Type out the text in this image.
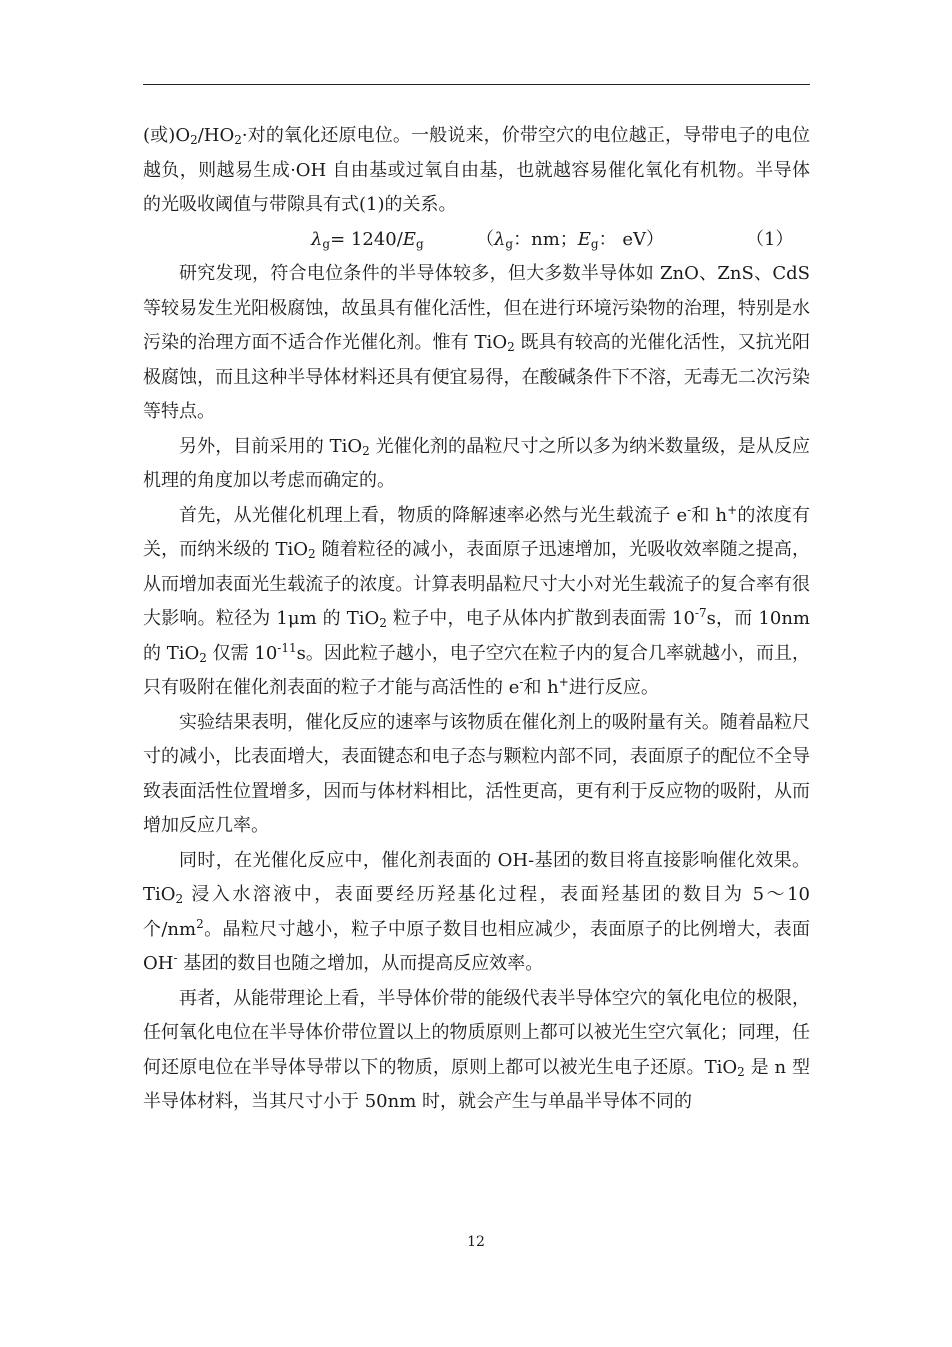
(或)$O_2/HO_2\cdot$对的氧化还原电位。一般说来，价带空穴的电位越正，导带电子的电位越负，则越易生成·OH 自由基或过氧自由基，也就越容易催化氧化有机物。半导体的光吸收阈值与带隙具有式(1)的关系。

$\lambda_g= 1240/E_g$	（$\lambda_g$：nm；$E_g$： eV）	（1）

研究发现，符合电位条件的半导体较多，但大多数半导体如 ZnO、ZnS、CdS 等较易发生光阳极腐蚀，故虽具有催化活性，但在进行环境污染物的治理，特别是水污染的治理方面不适合作光催化剂。惟有 TiO$_2$ 既具有较高的光催化活性，又抗光阳极腐蚀，而且这种半导体材料还具有便宜易得，在酸碱条件下不溶，无毒无二次污染等特点。

另外，目前采用的 TiO$_2$ 光催化剂的晶粒尺寸之所以多为纳米数量级，是从反应机理的角度加以考虑而确定的。

首先，从光催化机理上看，物质的降解速率必然与光生载流子 e-和 h+的浓度有关，而纳米级的 TiO$_2$ 随着粒径的减小，表面原子迅速增加，光吸收效率随之提高，从而增加表面光生载流子的浓度。计算表明晶粒尺寸大小对光生载流子的复合率有很大影响。粒径为 1μm 的 TiO$_2$ 粒子中，电子从体内扩散到表面需 $10^{-7}s$，而 10nm 的 TiO$_2$ 仅需 $10^{-11}s$。因此粒子越小，电子空穴在粒子内的复合几率就越小，而且，只有吸附在催化剂表面的粒子才能与高活性的 e-和 h+进行反应。

实验结果表明，催化反应的速率与该物质在催化剂上的吸附量有关。随着晶粒尺寸的减小，比表面增大，表面键态和电子态与颗粒内部不同，表面原子的配位不全导致表面活性位置增多，因而与体材料相比，活性更高，更有利于反应物的吸附，从而增加反应几率。

同时，在光催化反应中，催化剂表面的 OH-基团的数目将直接影响催化效果。TiO$_2$ 浸入水溶液中，表面要经历羟基化过程，表面羟基团的数目为 5～10 个$/nm^2$。晶粒尺寸越小，粒子中原子数目也相应减少，表面原子的比例增大，表面 OH- 基团的数目也随之增加，从而提高反应效率。

再者，从能带理论上看，半导体价带的能级代表半导体空穴的氧化电位的极限，任何氧化电位在半导体价带位置以上的物质原则上都可以被光生空穴氧化；同理，任何还原电位在半导体导带以下的物质，原则上都可以被光生电子还原。TiO$_2$ 是 n 型半导体材料，当其尺寸小于 50nm 时，就会产生与单晶半导体不同的

12
